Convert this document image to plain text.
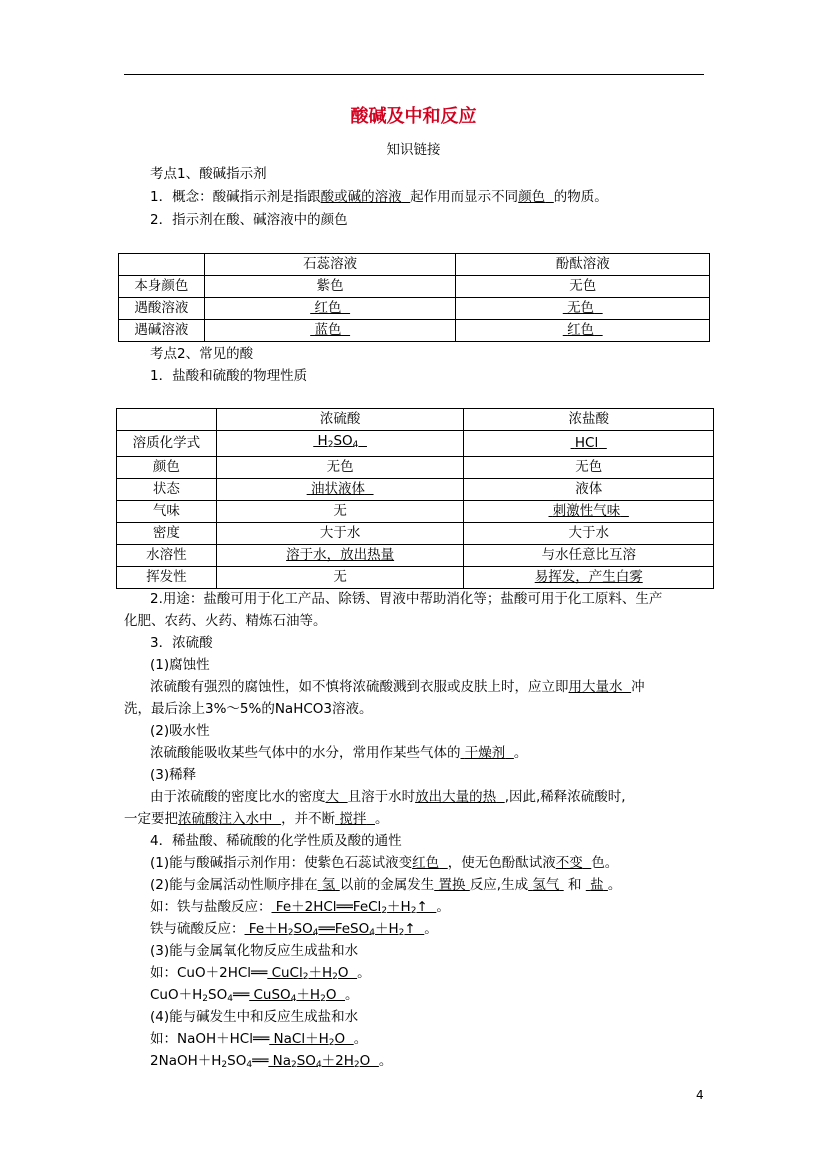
酸碱及中和反应
知识链接
考点1、酸碱指示剂
1．概念：酸碱指示剂是指跟酸或碱的溶液 起作用而显示不同颜色 的物质。
2．指示剂在酸、碱溶液中的颜色
	石蕊溶液	酚酞溶液
本身颜色	紫色	无色
遇酸溶液	红色	无色
遇碱溶液	蓝色	红色
考点2、常见的酸
1．盐酸和硫酸的物理性质
	浓硫酸	浓盐酸
溶质化学式	$H_2SO_4$	HCl
颜色	无色	无色
状态	油状液体	液体
气味	无	刺激性气味
密度	大于水	大于水
水溶性	溶于水，放出热量	与水任意比互溶
挥发性	无	易挥发，产生白雾
2.用途：盐酸可用于化工产品、除锈、胃液中帮助消化等；盐酸可用于化工原料、生产
化肥、农药、火药、精炼石油等。
3．浓硫酸
(1)腐蚀性
浓硫酸有强烈的腐蚀性，如不慎将浓硫酸溅到衣服或皮肤上时，应立即用大量水 冲
洗，最后涂上3%～5%的NaHCO3溶液。
(2)吸水性
浓硫酸能吸收某些气体中的水分，常用作某些气体的 干燥剂 。
(3)稀释
由于浓硫酸的密度比水的密度大 且溶于水时放出大量的热 ,因此,稀释浓硫酸时,
一定要把浓硫酸注入水中 ，并不断 搅拌 。
4．稀盐酸、稀硫酸的化学性质及酸的通性
(1)能与酸碱指示剂作用：使紫色石蕊试液变红色 ，使无色酚酞试液不变 色。
(2)能与金属活动性顺序排在 氢 以前的金属发生 置换 反应,生成 氢气 和 盐 。
如：铁与盐酸反应： $Fe+2HCl══FeCl_2+H_2↑$  。
铁与硫酸反应： $Fe+H_2SO_4══FeSO_4+H_2↑$  。
(3)能与金属氧化物反应生成盐和水
如：CuO＋2HCl══ $CuCl_2+H_2O$  。
$CuO+H_2SO_4══$ $CuSO_4+H_2O$  。
(4)能与碱发生中和反应生成盐和水
如：NaOH＋HCl══ $NaCl+H_2O$  。
$2NaOH+H_2SO_4══$ $Na_2SO_4+2H_2O$  。
4
